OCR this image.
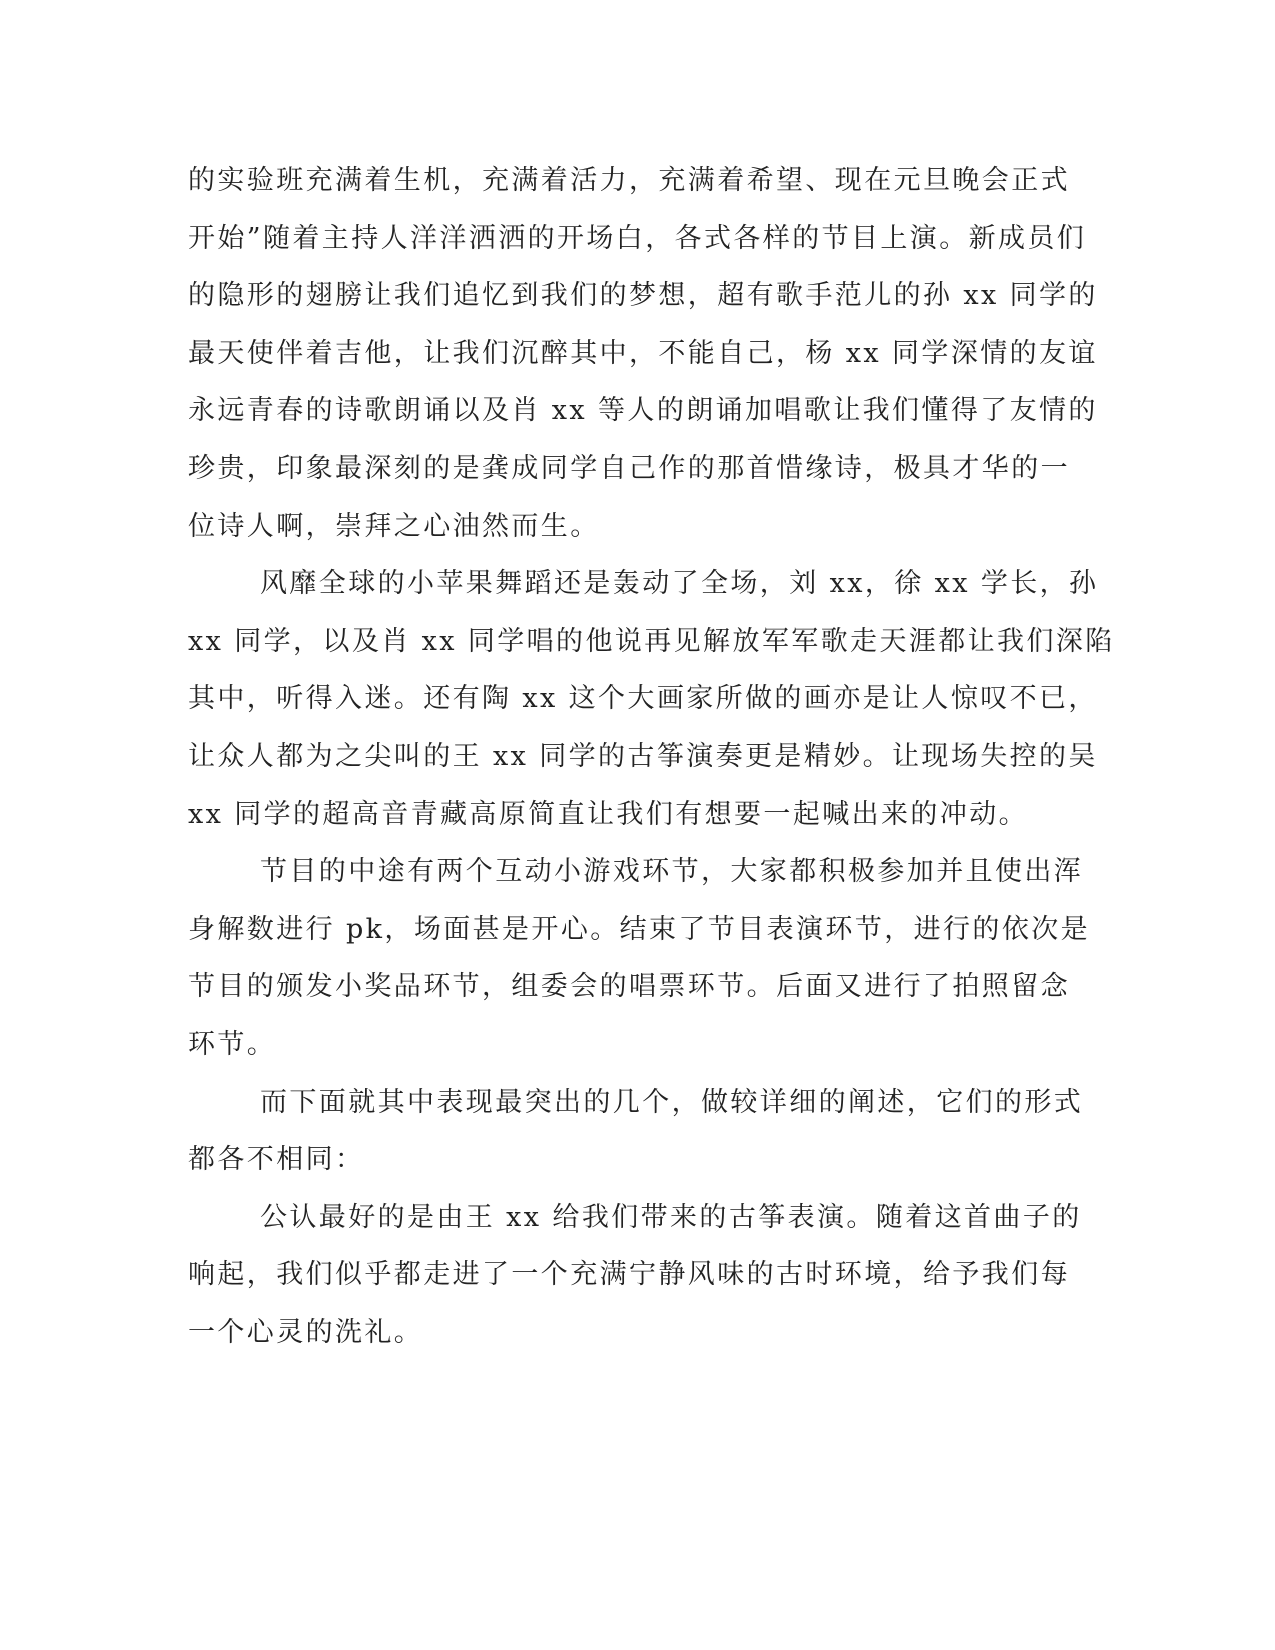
的实验班充满着生机，充满着活力，充满着希望、现在元旦晚会正式
开始”随着主持人洋洋洒洒的开场白，各式各样的节目上演。新成员们
的隐形的翅膀让我们追忆到我们的梦想，超有歌手范儿的孙 xx 同学的
最天使伴着吉他，让我们沉醉其中，不能自己，杨 xx 同学深情的友谊
永远青春的诗歌朗诵以及肖 xx 等人的朗诵加唱歌让我们懂得了友情的
珍贵，印象最深刻的是龚成同学自己作的那首惜缘诗，极具才华的一
位诗人啊，崇拜之心油然而生。
风靡全球的小苹果舞蹈还是轰动了全场，刘 xx，徐 xx 学长，孙
xx 同学，以及肖 xx 同学唱的他说再见解放军军歌走天涯都让我们深陷
其中，听得入迷。还有陶 xx 这个大画家所做的画亦是让人惊叹不已，
让众人都为之尖叫的王 xx 同学的古筝演奏更是精妙。让现场失控的吴
xx 同学的超高音青藏高原简直让我们有想要一起喊出来的冲动。
节目的中途有两个互动小游戏环节，大家都积极参加并且使出浑
身解数进行 pk，场面甚是开心。结束了节目表演环节，进行的依次是
节目的颁发小奖品环节，组委会的唱票环节。后面又进行了拍照留念
环节。
而下面就其中表现最突出的几个，做较详细的阐述，它们的形式
都各不相同：
公认最好的是由王 xx 给我们带来的古筝表演。随着这首曲子的
响起，我们似乎都走进了一个充满宁静风味的古时环境，给予我们每
一个心灵的洗礼。
